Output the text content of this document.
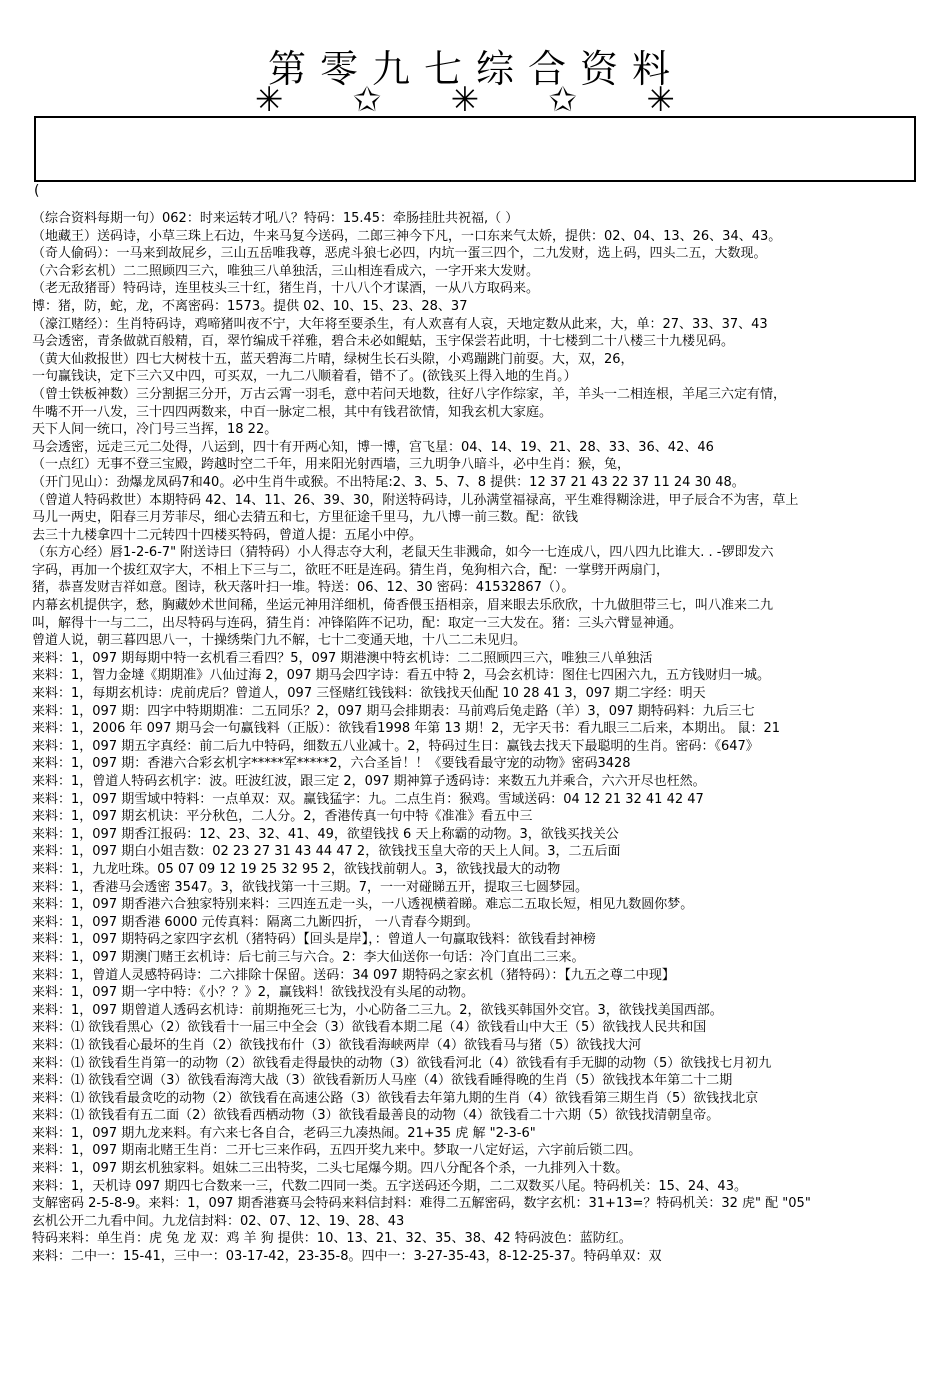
第零九七综合资料
✳ ✩ ✳ ✩ ✳
(
（综合资料每期一句）062：时来运转才吼八？特码：15.45：牵肠挂肚共祝福,（ ）
（地藏王）送码诗，小草三珠上石边，牛来马复今送码，二郎三神今下凡，一口东来气太娇，提供：02、04、13、26、34、43。
（奇人偷码）：一马来到故屁乡，三山五岳唯我尊，恶虎斗狼七必四，内坑一蛋三四个，二九发财，选上码，四头二五，大数现。
（六合彩玄机）二二照顾四三六，唯独三八单独活，三山相连看成六，一字开来大发财。
（老无敌猪哥）特码诗，连里枝头三十红，猪生肖，十八八个才谋酒，一从八方取码来。
博：猪，防，蛇，龙，不离密码：1573。提供 02、10、15、23、28、37
（濠江赌经）：生肖特码诗，鸡啼猪叫夜不宁，大年将至要杀生，有人欢喜有人哀，天地定数从此来，大，单：27、33、37、43
马会透密，青条做就百般精，百，翠竹编成千祥雅，碧合未必如鲲蛄，玉宇保尝若此明，十七楼到二十八楼三十九楼见码。
（黄大仙救报世）四七大树枝十五，蓝天碧海二片晴，绿树生长石头隙，小鸡蹦跳门前耍。大，双，26，
一句赢钱诀，定下三六又中四，可买双，一九二八顺着看，错不了。(欲钱买上得入地的生肖。）
（曾士铁板神数）三分割据三分开，万古云霄一羽毛，意中若问天地数，往好八字作综家，羊，羊头一二相连根，羊尾三六定有情，
牛嘴不开一八发，三十四四两数来，中百一脉定二根，其中有钱君欲情，知我玄机大家庭。
天下人间一统口，冷门号三当挥，18 22。
马会透密，远走三元二处得，八运到，四十有开两心知，博一博，宫飞星：04、14、19、21、28、33、36、42、46
（一点红）无事不登三宝殿，跨越时空二千年，用来阳光射西墙，三九明争八暗斗，必中生肖：猴，兔，
（开门见山）：劲爆龙凤码7和40。必中生肖牛或猴。不出特尾:2、3、5、7、8 提供：12 37 21 43 22 37 11 24 30 48。
（曾道人特码救世）本期特码 42、14、11、26、39、30，附送特码诗，儿孙满堂福禄高，平生难得糊涂进，甲子辰合不为害，草上
马儿一两史，阳春三月芳菲尽，细心去猜五和七，方里征途千里马，九八博一前三数。配：欲钱
去三十九楼拿四十二元转四十四楼买特码，曾道人提：五尾小中停。
（东方心经）唇1-2-6-7" 附送诗曰（猜特码）小人得志夺大利，老鼠天生非溅命，如今一七连成八，四八四九比谁大. . -锣即发六
字码，再加一个拔红双字大，不相上下三与二，欲旺不旺是连码。猜生肖，兔狗相六合，配：一掌劈开两扇门，
猪，恭喜发财吉祥如意。图诗，秋天落叶扫一堆。特送：06、12、30 密码：41532867（）。
内幕玄机提供字，愁，胸藏妙术世间稀，坐运元神用洋细机，倚香偎玉捂相亲，眉来眼去乐欣欣，十九做胆带三七，叫八准来二九
叫，解得十一与二二，出尽特码与连码，猜生肖：冲锋陷阵不记功，配：取定一三大发在。猪：三头六臂显神通。
曾道人说，朝三暮四思八一，十操绣柴门九不解，七十二变通天地，十八二二未见归。
来料：1，097 期每期中特一玄机看三看四？5，097 期港澳中特玄机诗：二二照顾四三六，唯独三八单独活
来料：1，智力金墶《期期准》八仙过海 2，097 期马会四字诗：看五中特 2，马会玄机诗：图住七四困六九，五方钱财归一城。
来料：1，每期玄机诗：虎前虎后？曾道人，097 三怪赌红钱钱料：欲钱找天仙配 10 28 41 3，097 期二字经：明天
来料：1，097 期：四字中特期期准：二五同乐？2，097 期马会排期表：马前鸡后兔走路（羊）3，097 期特码料：九后三七
来料：1，2006 年 097 期马会一句赢钱料（正版）：欲钱看1998 年第 13 期！2，无字天书：看九眼三二后来，本期出。 鼠：21
来料：1，097 期五字真经：前二后九中特码，细数五八业减十。2，特码过生日：赢钱去找天下最聪明的生肖。密码：《647》
来料：1，097 期：香港六合彩玄机字*****军*****2，六合圣旨！！《要钱看最守宠的动物》密码3428
来料：1，曾道人特码玄机字：波。旺波红波，跟三定 2，097 期神算子透码诗：来数五九并乘合，六六开尽也枉然。
来料：1，097 期雪域中特料：一点单双：双。赢钱猛字：九。二点生肖：猴鸡。雪域送码：04 12 21 32 41 42 47
来料：1，097 期玄机诀：平分秋色，二人分。2，香港传真一句中特《准准》看五中三
来料：1，097 期香江报码：12、23、32、41、49，欲望钱找 6 天上称霸的动物。3，欲钱买找关公
来料：1，097 期白小姐吉数：02 23 27 31 43 44 47 2，欲钱找玉皇大帝的天上人间。3，二五后面
来料：1，九龙吐珠。05 07 09 12 19 25 32 95 2，欲钱找前朝人。3，欲钱找最大的动物
来料：1，香港马会透密 3547。3，欲钱找第一十三期。7，一一对碰睇五开，提取三七圆梦园。
来料：1，097 期香港六合独家特别来料：三四连五走一头，一八透视横着睇。难忘二五取长短，相见九数圆你梦。
来料：1，097 期香港 6000 元传真料：隔离二九断四折， 一八青春今期到。
来料：1，097 期特码之家四字玄机（猪特码）【回头是岸】，：曾道人一句赢取钱料：欲钱看封神榜
来料：1，097 期澳门赌王玄机诗：后七前三与六合。2：李大仙送你一句话：冷门直出二三来。
来料：1，曾道人灵感特码诗：二六排除十保留。送码：34 097 期特码之家玄机（猪特码）：【九五之尊二中现】
来料：1，097 期一字中特：《小？？》2，赢钱料！欲钱找没有头尾的动物。
来料：1，097 期曾道人透码玄机诗：前期拖死三七为，小心防备二三九。2，欲钱买韩国外交官。3，欲钱找美国西部。
来料：⑴ 欲钱看黑心（2）欲钱看十一届三中全会（3）欲钱看本期二尾（4）欲钱看山中大王（5）欲钱找人民共和国
来料：⑴ 欲钱看心最坏的生肖（2）欲钱找布什（3）欲钱看海峡两岸（4）欲钱看马与猪（5）欲钱找大河
来料：⑴ 欲钱看生肖第一的动物（2）欲钱看走得最快的动物（3）欲钱看河北（4）欲钱看有手无脚的动物（5）欲钱找七月初九
来料：⑴ 欲钱看空调（3）欲钱看海湾大战（3）欲钱看新历人马座（4）欲钱看睡得晚的生肖（5）欲钱找本年第二十二期
来料：⑴ 欲钱看最贪吃的动物（2）欲钱看在高速公路（3）欲钱看去年第九期的生肖（4）欲钱看第三期生肖（5）欲钱找北京
来料：⑴ 欲钱看有五二面（2）欲钱看西栖动物（3）欲钱看最善良的动物（4）欲钱看二十六期（5）欲钱找清朝皇帝。
来料：1，097 期九龙来料。有六来七各自合，老码三九凑热闹。21+35 虎 解 "2-3-6"
来料：1，097 期南北赌王生肖：二开七三来作码，五四开奖九来中。梦取一八定好运，六字前后锁二四。
来料：1，097 期玄机独家料。姐妹二三出特奖，二头七尾爆今期。四八分配各个杀，一九排列入十数。
来料：1，天机诗 097 期四七合数来一三，代数二四同一类。五字送码还今期，二二双数买八尾。特码机关：15、24、43。
支解密码 2-5-8-9。来料：1，097 期香港赛马会特码来料信封料：难得二五解密码，数字玄机：31+13=？特码机关：32 虎" 配 "05"
玄机公开二九看中间。九龙信封料：02、07、12、19、28、43
特码来料：单生肖：虎 兔 龙 双：鸡 羊 狗 提供：10、13、21、32、35、38、42 特码波色：蓝防红。
来料：二中一：15-41，三中一：03-17-42，23-35-8。四中一：3-27-35-43，8-12-25-37。特码单双：双
